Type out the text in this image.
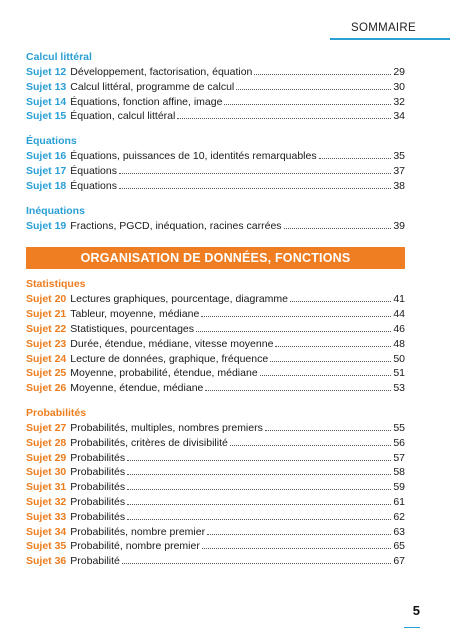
SOMMAIRE
Calcul littéral
Sujet 12 Développement, factorisation, équation	29
Sujet 13 Calcul littéral, programme de calcul	30
Sujet 14 Équations, fonction affine, image	32
Sujet 15 Équation, calcul littéral	34
Équations
Sujet 16 Équations, puissances de 10, identités remarquables	35
Sujet 17 Équations	37
Sujet 18 Équations	38
Inéquations
Sujet 19 Fractions, PGCD, inéquation, racines carrées	39
ORGANISATION DE DONNÉES, FONCTIONS
Statistiques
Sujet 20 Lectures graphiques, pourcentage, diagramme	41
Sujet 21 Tableur, moyenne, médiane	44
Sujet 22 Statistiques, pourcentages	46
Sujet 23 Durée, étendue, médiane, vitesse moyenne	48
Sujet 24 Lecture de données, graphique, fréquence	50
Sujet 25 Moyenne, probabilité, étendue, médiane	51
Sujet 26 Moyenne, étendue, médiane	53
Probabilités
Sujet 27 Probabilités, multiples, nombres premiers	55
Sujet 28 Probabilités, critères de divisibilité	56
Sujet 29 Probabilités	57
Sujet 30 Probabilités	58
Sujet 31 Probabilités	59
Sujet 32 Probabilités	61
Sujet 33 Probabilités	62
Sujet 34 Probabilités, nombre premier	63
Sujet 35 Probabilité, nombre premier	65
Sujet 36 Probabilité	67
5
